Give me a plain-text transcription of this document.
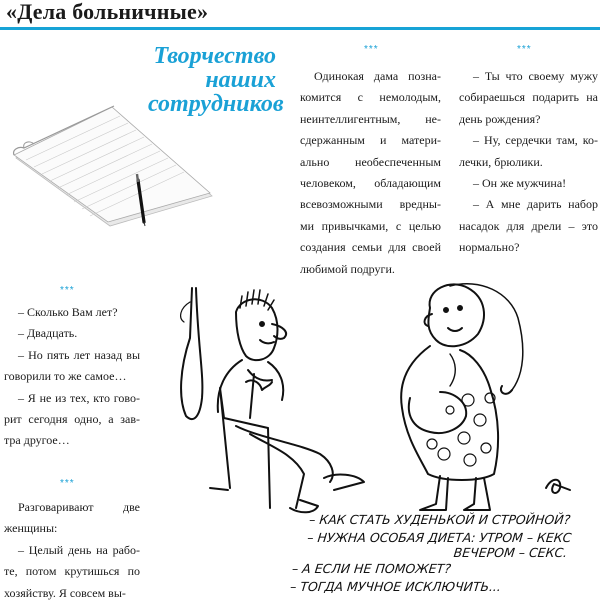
«Дела больничные»
Творчество
наших
сотрудников
***	***
***
***

Одинокая дама позна- комится с немолодым, неинтеллигентным, не- сдержанным и матери- ально необеспеченным человеком, обладающим всевозможными вредны- ми привычками, с целью создания семьи для своей любимой подруги.

– Ты что своему мужу собираешься подарить на день рождения?

– Ну, сердечки там, ко- лечки, брюлики.

– Он же мужчина!

– А мне дарить набор насадок для дрели – это нормально?

– Сколько Вам лет?

– Двадцать.

– Но пять лет назад вы говорили то же самое…

– Я не из тех, кто гово- рит сегодня одно, а зав- тра другое…

Разговаривают две женщины:

– Целый день на рабо- те, потом крутишься по хозяйству. Я совсем вы-

– КАК СТАТЬ ХУДЕНЬКОЙ И СТРОЙНОЙ?
– НУЖНА ОСОБАЯ ДИЕТА: УТРОМ – КЕКС
ВЕЧЕРОМ – СЕКС.
– А ЕСЛИ НЕ ПОМОЖЕТ?
– ТОГДА МУЧНОЕ ИСКЛЮЧИТЬ...
